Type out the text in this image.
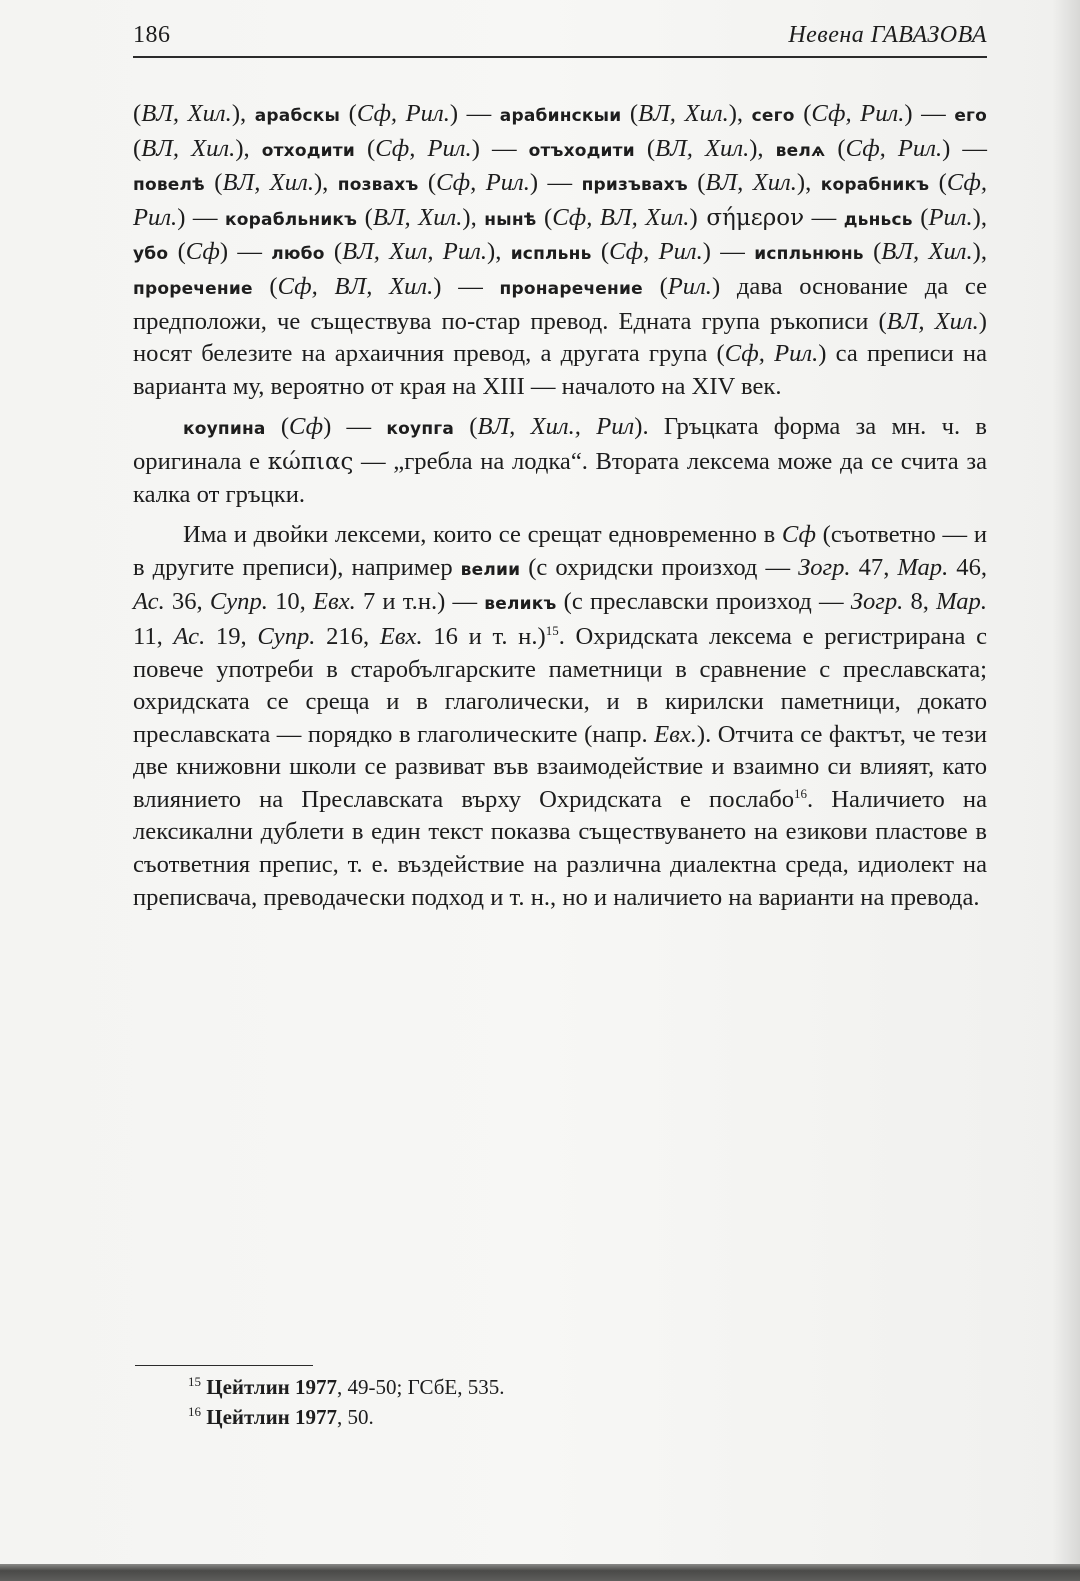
186	Невена ГАВАЗОВА

(ВЛ, Хил.), арабскы (Сф, Рил.) — арабинскыи (ВЛ, Хил.), сего (Сф, Рил.) — его (ВЛ, Хил.), отходити (Сф, Рил.) — отъходити (ВЛ, Хил.), велѧ (Сф, Рил.) — повелѣ (ВЛ, Хил.), позвахъ (Сф, Рил.) — призъвахъ (ВЛ, Хил.), корабникъ (Сф, Рил.) — корабльникъ (ВЛ, Хил.), нынѣ (Сф, ВЛ, Хил.) σήμερον — дьньсь (Рил.), убо (Сф) — любо (ВЛ, Хил, Рил.), испльнь (Сф, Рил.) — испльнюнь (ВЛ, Хил.), проречение (Сф, ВЛ, Хил.) — пронаречение (Рил.) дава основание да се предположи, че съществува по-стар превод. Едната група ръкописи (ВЛ, Хил.) носят белезите на архаичния превод, а другата група (Сф, Рил.) са преписи на варианта му, вероятно от края на XIII — началото на XIV век.

коупина (Сф) — коупга (ВЛ, Хил., Рил). Гръцката форма за мн. ч. в оригинала е κώπιας — „гребла на лодка“. Втората лексема може да се счита за калка от гръцки.

Има и двойки лексеми, които се срещат едновременно в Сф (съответно — и в другите преписи), например велии (с охридски произход — Зогр. 47, Мар. 46, Ас. 36, Супр. 10, Евх. 7 и т.н.) — великъ (с преславски произход — Зогр. 8, Мар. 11, Ас. 19, Супр. 216, Евх. 16 и т. н.)$^{15}$. Охридската лексема е регистрирана с повече употреби в старобългарските паметници в сравнение с преславската; охридската се среща и в глаголически, и в кирилски паметници, докато преславската — порядко в глаголическите (напр. Евх.). Отчита се фактът, че тези две книжовни школи се развиват във взаимодействие и взаимно си влияят, като влиянието на Преславската върху Охридската е послабо$^{16}$. Наличието на лексикални дублети в един текст показва съществуването на езикови пластове в съответния препис, т. е. въздействие на различна диалектна среда, идиолект на преписвача, преводачески подход и т. н., но и наличието на варианти на превода.

$^{15}$ Цейтлин 1977, 49-50; ГСбЕ, 535.
$^{16}$ Цейтлин 1977, 50.
